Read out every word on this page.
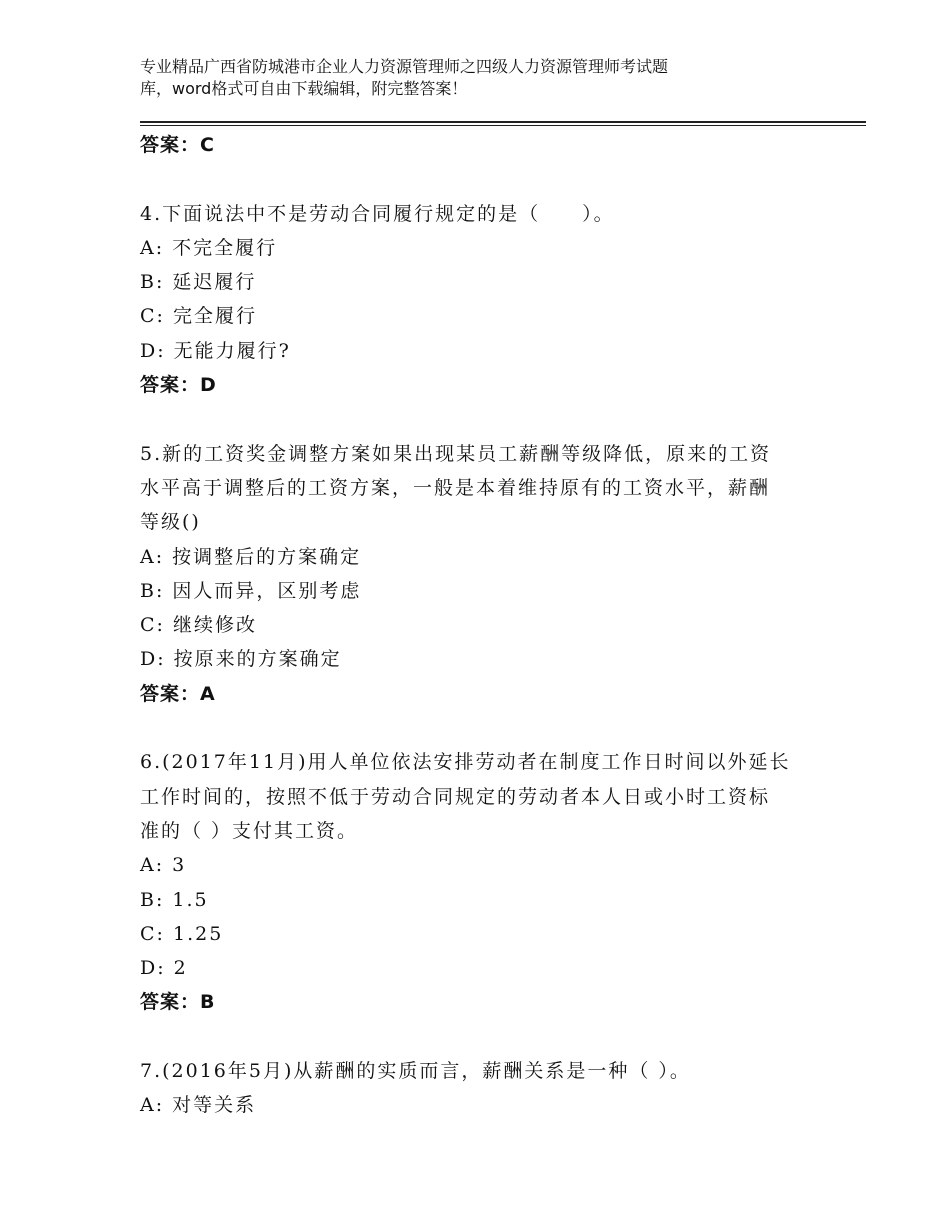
专业精品广西省防城港市企业人力资源管理师之四级人力资源管理师考试题
库，word格式可自由下载编辑，附完整答案！
答案：C
4.下面说法中不是劳动合同履行规定的是（　　）。
A: 不完全履行
B: 延迟履行
C: 完全履行
D: 无能力履行?
答案：D
5.新的工资奖金调整方案如果出现某员工薪酬等级降低，原来的工资
水平高于调整后的工资方案，一般是本着维持原有的工资水平，薪酬
等级()
A: 按调整后的方案确定
B: 因人而异，区别考虑
C: 继续修改
D: 按原来的方案确定
答案：A
6.(2017年11月)用人单位依法安排劳动者在制度工作日时间以外延长
工作时间的，按照不低于劳动合同规定的劳动者本人日或小时工资标
准的（ ）支付其工资。
A: 3
B: 1.5
C: 1.25
D: 2
答案：B
7.(2016年5月)从薪酬的实质而言，薪酬关系是一种（ ）。
A: 对等关系
